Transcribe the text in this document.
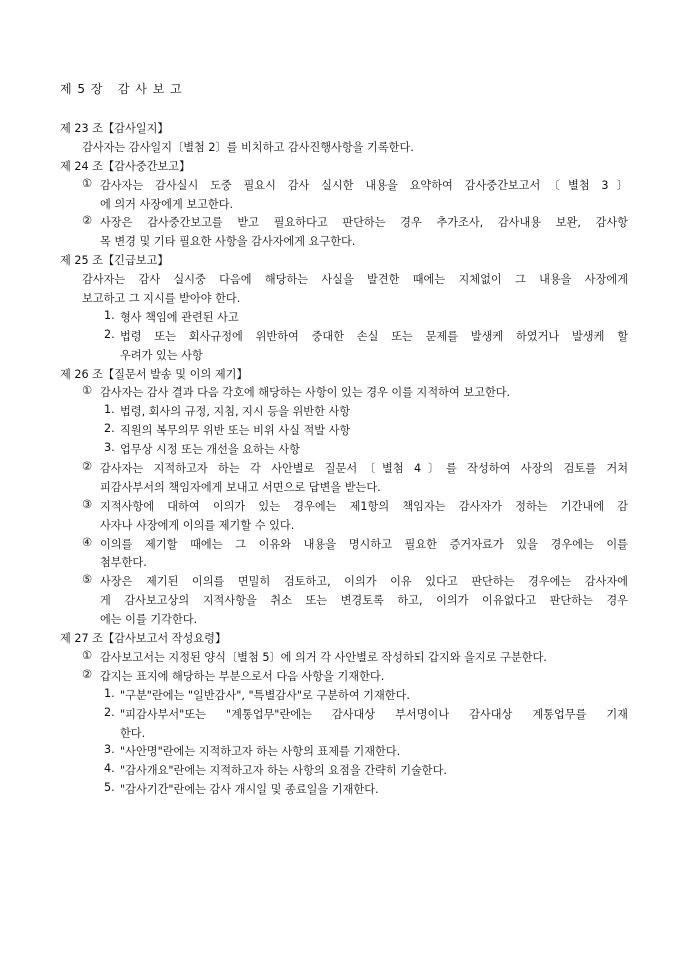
제 5 장   감 사 보 고
제 23 조【감사일지】
감사자는 감사일지〔별첨 2〕를 비치하고 감사진행사항을 기록한다.
제 24 조【감사중간보고】
① 감사자는 감사실시 도중 필요시 감사 실시한 내용을 요약하여 감사중간보고서〔별첨 3〕
에 의거 사장에게 보고한다.
② 사장은 감사중간보고를 받고 필요하다고 판단하는 경우 추가조사, 감사내용 보완, 감사항
목 변경 및 기타 필요한 사항을 감사자에게 요구한다.
제 25 조【긴급보고】
감사자는 감사 실시중 다음에 해당하는 사실을 발견한 때에는 지체없이 그 내용을 사장에게
보고하고 그 지시를 받아야 한다.
1. 형사 책임에 관련된 사고
2. 법령 또는 회사규정에 위반하여 중대한 손실 또는 문제를 발생케 하였거나 발생케 할
우려가 있는 사항
제 26 조【질문서 발송 및 이의 제기】
① 감사자는 감사 결과 다음 각호에 해당하는 사항이 있는 경우 이를 지적하여 보고한다.
1. 법령, 회사의 규정, 지침, 지시 등을 위반한 사항
2. 직원의 복무의무 위반 또는 비위 사실 적발 사항
3. 업무상 시정 또는 개선을 요하는 사항
② 감사자는 지적하고자 하는 각 사안별로 질문서〔별첨 4〕를 작성하여 사장의 검토를 거쳐
피감사부서의 책임자에게 보내고 서면으로 답변을 받는다.
③ 지적사항에 대하여 이의가 있는 경우에는 제1항의 책임자는 감사자가 정하는 기간내에 감
사자나 사장에게 이의를 제기할 수 있다.
④ 이의를 제기할 때에는 그 이유와 내용을 명시하고 필요한 증거자료가 있을 경우에는 이를
첨부한다.
⑤ 사장은 제기된 이의를 면밀히 검토하고, 이의가 이유 있다고 판단하는 경우에는 감사자에
게 감사보고상의 지적사항을 취소 또는 변경토록 하고, 이의가 이유없다고 판단하는 경우
에는 이를 기각한다.
제 27 조【감사보고서 작성요령】
① 감사보고서는 지정된 양식〔별첨 5〕에 의거 각 사안별로 작성하되 갑지와 을지로 구분한다.
② 갑지는 표지에 해당하는 부분으로서 다음 사항을 기재한다.
1. "구분"란에는 "일반감사", "특별감사"로 구분하여 기재한다.
2. "피감사부서"또는 "계통업무"란에는 감사대상 부서명이나 감사대상 계통업무를 기재
한다.
3. "사안명"란에는 지적하고자 하는 사항의 표제를 기재한다.
4. "감사개요"란에는 지적하고자 하는 사항의 요점을 간략히 기술한다.
5. "감사기간"란에는 감사 개시일 및 종료일을 기재한다.
